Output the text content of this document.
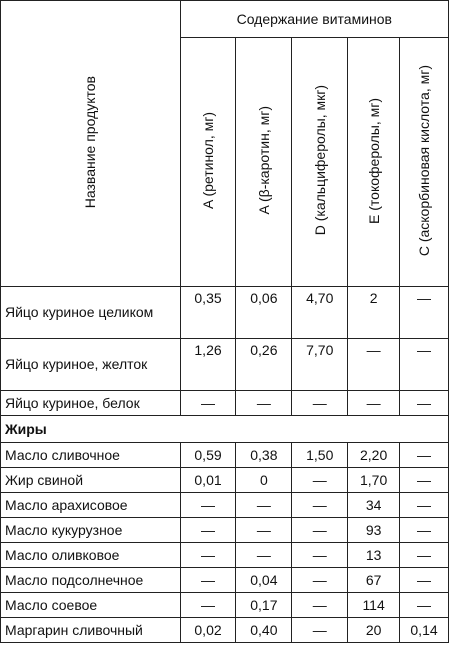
Название продуктов	Содержание витаминов				
	A (ретинол, мг)	A (β-каротин, мг)	D (кальциферолы, мкг)	E (токоферолы, мг)	C (аскорбиновая кислота, мг)
Яйцо куриное целиком	0,35	0,06	4,70	2	—
Яйцо куриное, желток	1,26	0,26	7,70	—	—
Яйцо куриное, белок	—	—	—	—	—
Жиры					
Масло сливочное	0,59	0,38	1,50	2,20	—
Жир свиной	0,01	0	—	1,70	—
Масло арахисовое	—	—	—	34	—
Масло кукурузное	—	—	—	93	—
Масло оливковое	—	—	—	13	—
Масло подсолнечное	—	0,04	—	67	—
Масло соевое	—	0,17	—	114	—
Маргарин сливочный	0,02	0,40	—	20	0,14
